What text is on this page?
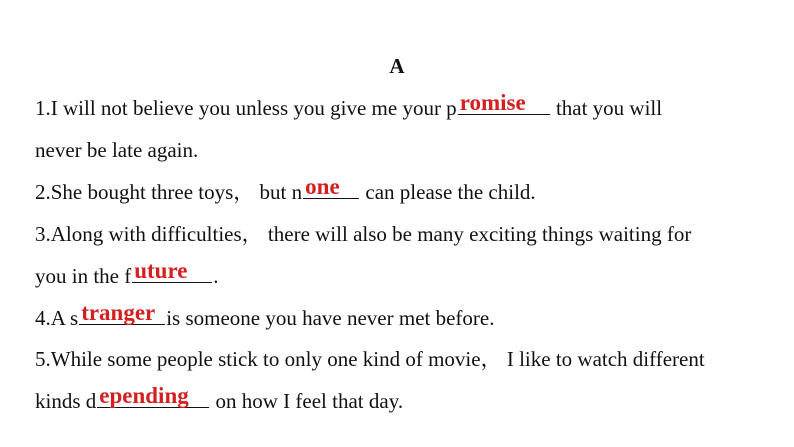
A
1.I will not believe you unless you give me your p romise that you will
never be late again.
2.She bought three toys， but n one can please the child.
3.Along with difficulties， there will also be many exciting things waiting for
you in the f uture .
4.A s tranger is someone you have never met before.
5.While some people stick to only one kind of movie， I like to watch different
kinds d epending on how I feel that day.
